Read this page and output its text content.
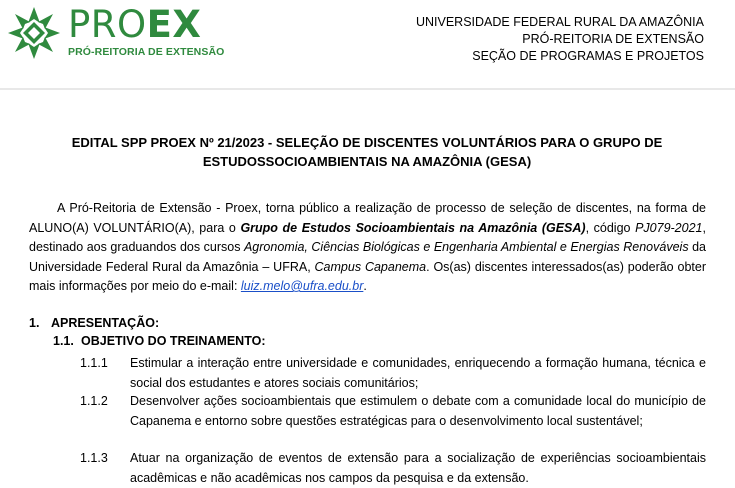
PROEX
PRÓ-REITORIA DE EXTENSÃO
UNIVERSIDADE FEDERAL RURAL DA AMAZÔNIA
PRÓ-REITORIA DE EXTENSÃO
SEÇÃO DE PROGRAMAS E PROJETOS
EDITAL SPP PROEX Nº 21/2023 - SELEÇÃO DE DISCENTES VOLUNTÁRIOS PARA O GRUPO DE
ESTUDOSSOCIOAMBIENTAIS NA AMAZÔNIA (GESA)
A Pró-Reitoria de Extensão - Proex, torna público a realização de processo de seleção de discentes, na forma de ALUNO(A) VOLUNTÁRIO(A), para o Grupo de Estudos Socioambientais na Amazônia (GESA), código PJ079-2021, destinado aos graduandos dos cursos Agronomia, Ciências Biológicas e Engenharia Ambiental e Energias Renováveis da Universidade Federal Rural da Amazônia – UFRA, Campus Capanema. Os(as) discentes interessados(as) poderão obter mais informações por meio do e-mail: luiz.melo@ufra.edu.br.
1. APRESENTAÇÃO:
1.1. OBJETIVO DO TREINAMENTO:
1.1.1	Estimular a interação entre universidade e comunidades, enriquecendo a formação humana, técnica e social dos estudantes e atores sociais comunitários;
1.1.2	Desenvolver ações socioambientais que estimulem o debate com a comunidade local do município de Capanema e entorno sobre questões estratégicas para o desenvolvimento local sustentável;
1.1.3	Atuar na organização de eventos de extensão para a socialização de experiências socioambientais acadêmicas e não acadêmicas nos campos da pesquisa e da extensão.
